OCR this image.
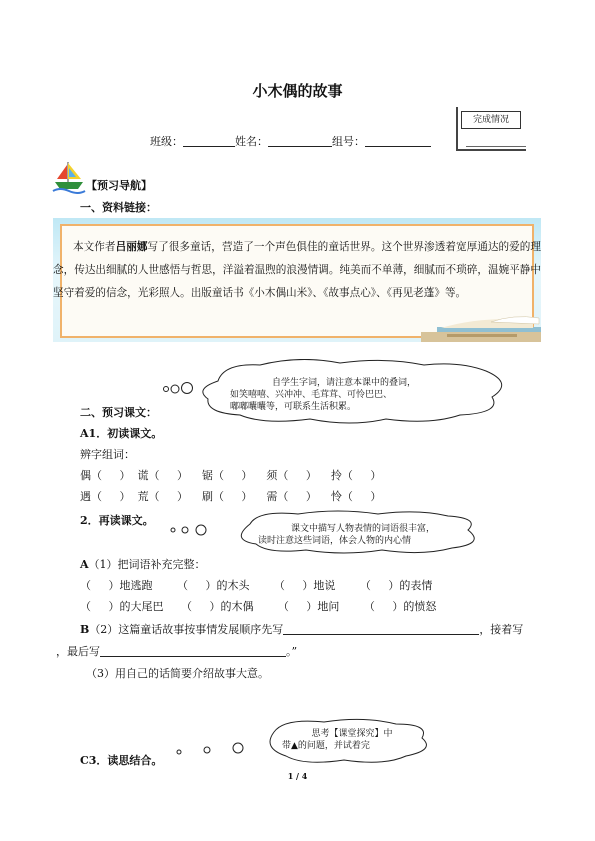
小木偶的故事
班级：	姓名：	组号：
完成情况
【预习导航】
一、资料链接：
本文作者吕丽娜写了很多童话，营造了一个声色俱佳的童话世界。这个世界渗透着宽厚通达的爱的理念，传达出细腻的人世感悟与哲思，洋溢着温煦的浪漫情调。纯美而不单薄，细腻而不琐碎，温婉平静中坚守着爱的信念，光彩照人。出版童话书《小木偶山米》、《故事点心》、《再见老蓬》等。
二、预习课文：
自学生字词，请注意本课中的叠词，
如笑嘻嘻、兴冲冲、毛茸茸、可怜巴巴、
嘟嘟囔囔等，可联系生活积累。
A1．初读课文。
辨字组词：
偶（     ）  谎（     ）    锯（     ）    须（     ）    拎（     ）
遇（     ）  荒（     ）    刷（     ）    需（     ）    怜（     ）
2．再读课文。
课文中描写人物表情的词语很丰富，
读时注意这些词语，体会人物的内心情
A（1）把词语补充完整：
（     ）地逃跑       （     ）的木头       （     ）地说       （     ）的表情
（     ）的大尾巴     （     ）的木偶       （     ）地问       （     ）的愤怒
B（2）这篇童话故事按事情发展顺序先写	，接着写
，最后写	。”
（3）用自己的话简要介绍故事大意。
思考【课堂探究】中
带▲的问题，并试着完
C3．读思结合。
1 / 4
